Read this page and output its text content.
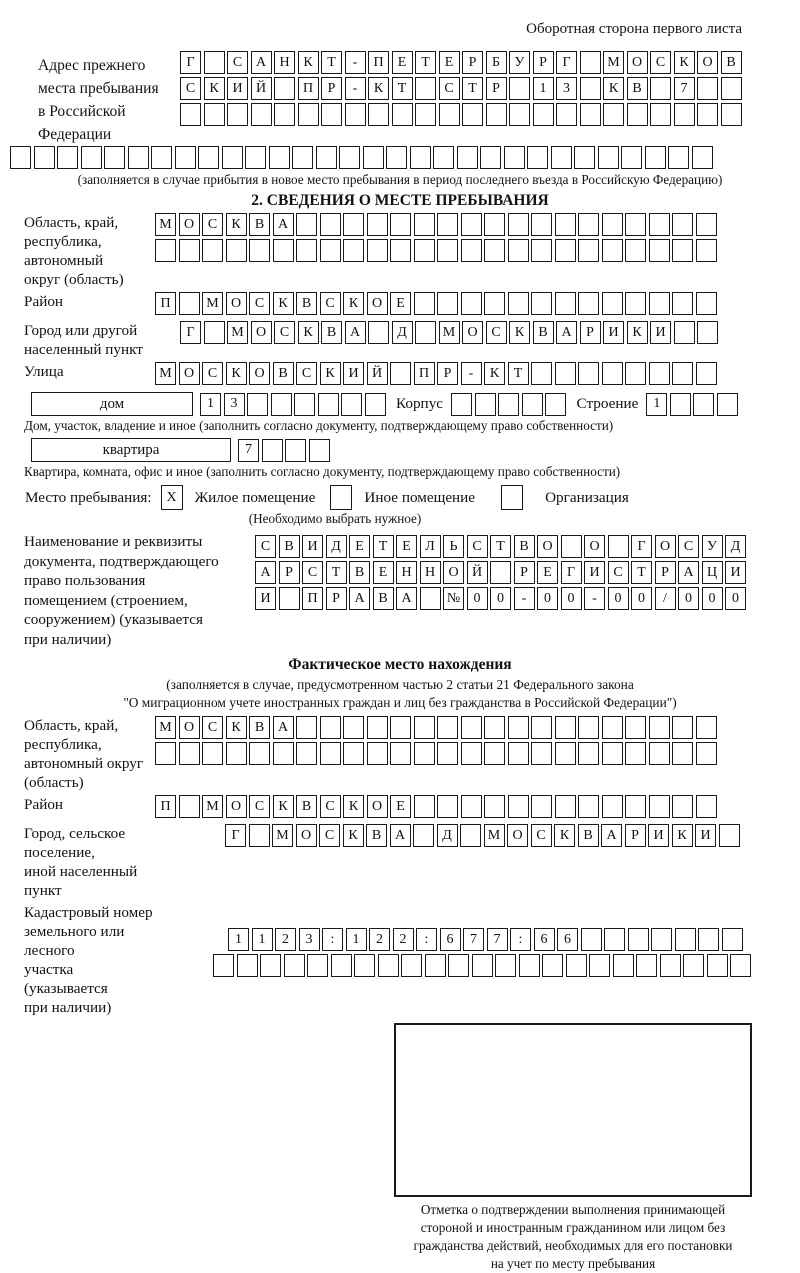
Оборотная сторона первого листа
Адрес прежнего
места пребывания
в Российской
Федерации
Г	С А Н К	Т	-	П	Е	Т	Е	Р	Б	У	Р	Г	М О С	К О В
С	К И Й	П	Р	-	К	Т	С	Т	Р	1	3	К	В	7
(заполняется в случае прибытия в новое место пребывания в период последнего въезда в Российскую Федерацию)
2. СВЕДЕНИЯ О МЕСТЕ ПРЕБЫВАНИЯ
Область, край,
республика,
автономный
округ (область)
М О С	К	В А
Район	П	М О С	К	В	С	К О	Е
Город или другой
населенный пункт
Г	М О С	К	В А	Д	М О С	К	В А	Р	И К И
Улица	М О С	К О В	С	К И Й	П	Р	-	К	Т
дом	1	3	Корпус	Строение	1
Дом, участок, владение и иное (заполнить согласно документу, подтверждающему право собственности)
квартира	7
Квартира, комната, офис и иное (заполнить согласно документу, подтверждающему право собственности)
Место пребывания:	X	Жилое помещение	Иное помещение	Организация
(Необходимо выбрать нужное)
Наименование и реквизиты
документа, подтверждающего
право пользования
помещением (строением,
сооружением) (указывается
при наличии)
С	В И Д	Е	Т	Е	Л	Ь	С	Т	В О	О	Г	О С У Д
А	Р	С	Т	В	Е	Н Н О Й	Р	Е	Г	И С	Т	Р	А Ц И
И	П	Р	А В А	№ 0	0	-	0	0	-	0	0	/	0	0	0
Фактическое место нахождения
(заполняется в случае, предусмотренном частью 2 статьи 21 Федерального закона
"О миграционном учете иностранных граждан и лиц без гражданства в Российской Федерации")
Область, край,
республика,
автономный округ
(область)
М О С	К	В А
Район	П	М О С	К	В	С	К О	Е
Город, сельское поселение,
иной населенный пункт
Г	М О С	К	В А	Д	М О С	К	В А	Р	И К И
Кадастровый номер
земельного или лесного
участка (указывается
при наличии)
1	1	2	3	:	1	2	2	:	6	7	7	:	6	6
Отметка о подтверждении выполнения принимающей
стороной и иностранным гражданином или лицом без
гражданства действий, необходимых для его постановки
на учет по месту пребывания
